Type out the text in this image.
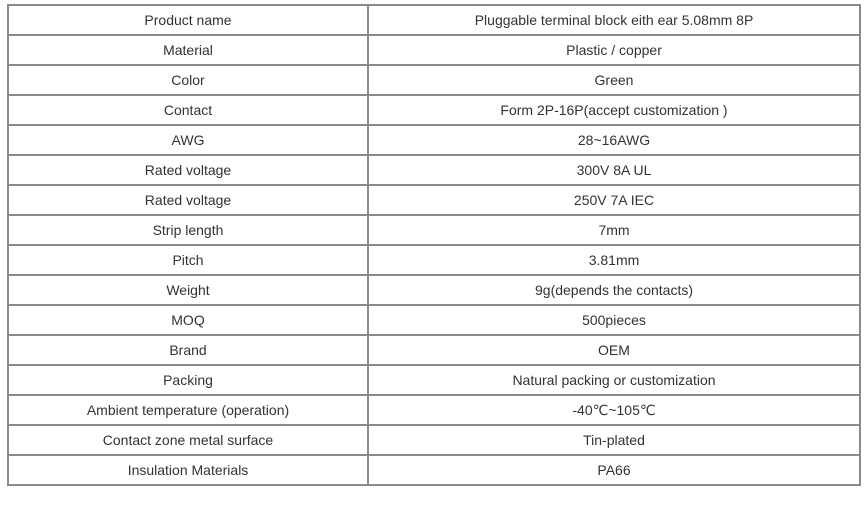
Product name	Pluggable terminal block eith ear 5.08mm 8P
Material	Plastic / copper
Color	Green
Contact	Form 2P-16P(accept customization )
AWG	28~16AWG
Rated voltage	300V 8A UL
Rated voltage	250V 7A IEC
Strip length	7mm
Pitch	3.81mm
Weight	9g(depends the contacts)
MOQ	500pieces
Brand	OEM
Packing	Natural packing or customization
Ambient temperature (operation)	-40℃~105℃
Contact zone metal surface	Tin-plated
Insulation Materials	PA66
